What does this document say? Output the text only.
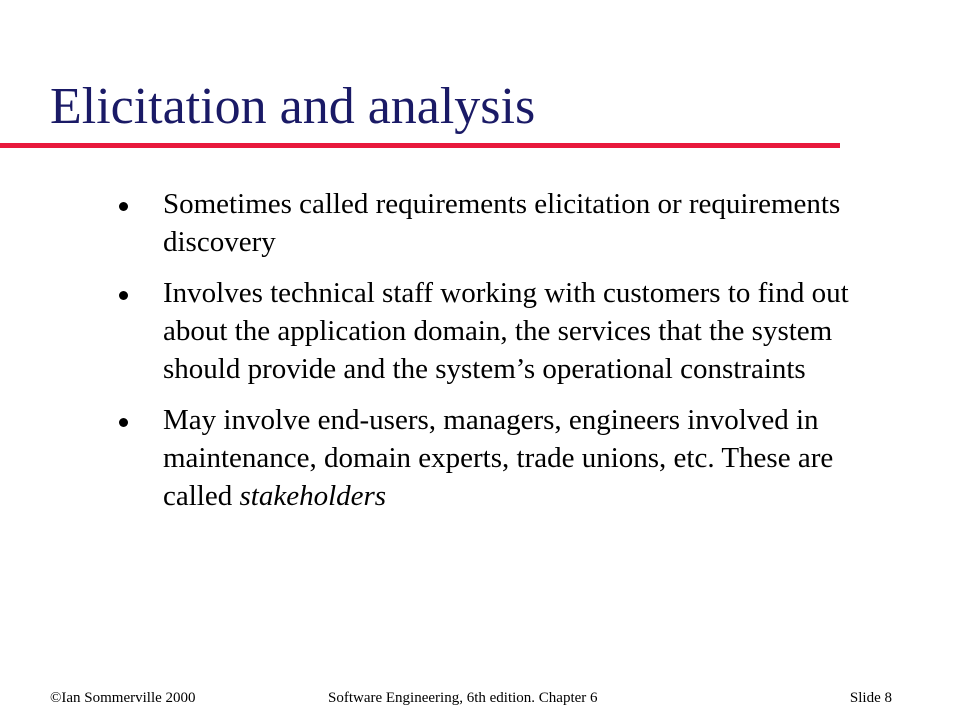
Elicitation and analysis
Sometimes called requirements elicitation or requirements discovery
Involves technical staff working with customers to find out about the application domain, the services that the system should provide and the system’s operational constraints
May involve end-users, managers, engineers involved in maintenance, domain experts, trade unions, etc. These are called stakeholders
©Ian Sommerville 2000	Software Engineering, 6th edition. Chapter 6	Slide 8
